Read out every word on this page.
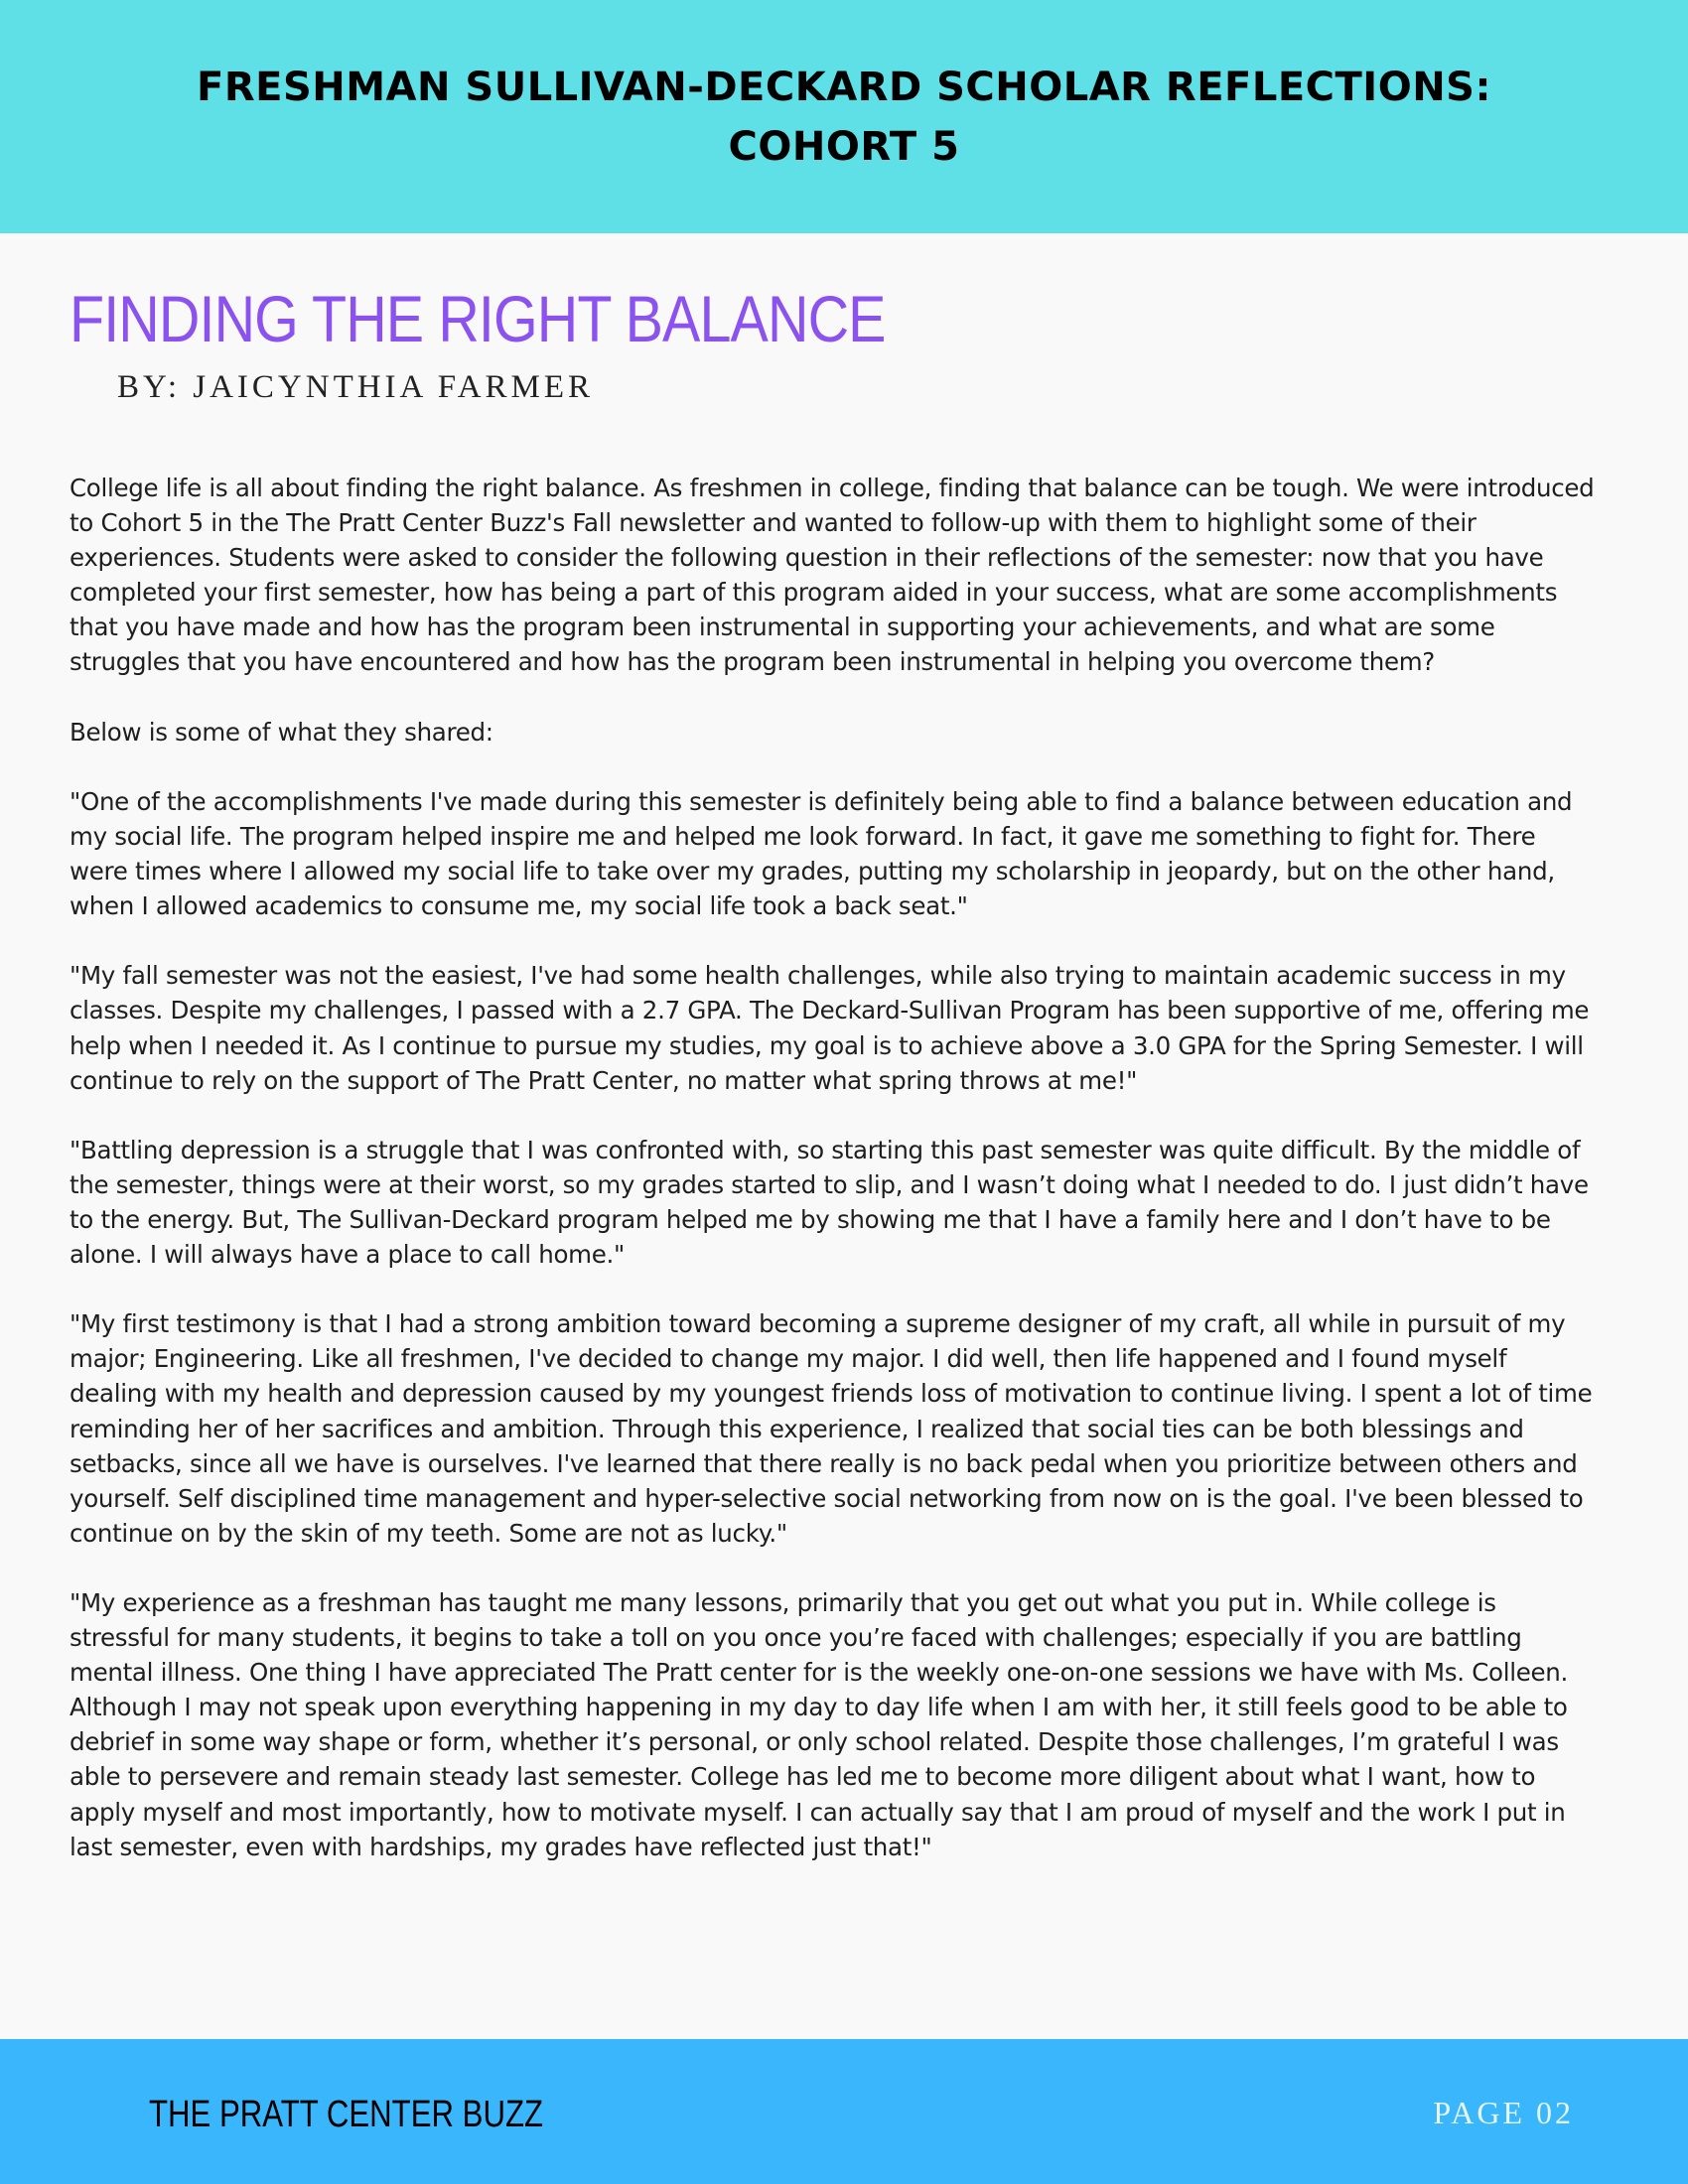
FRESHMAN SULLIVAN-DECKARD SCHOLAR REFLECTIONS:
COHORT 5
FINDING THE RIGHT BALANCE
BY: JAICYNTHIA FARMER

College life is all about finding the right balance. As freshmen in college, finding that balance can be tough. We were introduced to Cohort 5 in the The Pratt Center Buzz's Fall newsletter and wanted to follow-up with them to highlight some of their experiences. Students were asked to consider the following question in their reflections of the semester: now that you have completed your first semester, how has being a part of this program aided in your success, what are some accomplishments that you have made and how has the program been instrumental in supporting your achievements, and what are some struggles that you have encountered and how has the program been instrumental in helping you overcome them?

Below is some of what they shared:

"One of the accomplishments I've made during this semester is definitely being able to find a balance between education and my social life. The program helped inspire me and helped me look forward. In fact, it gave me something to fight for. There were times where I allowed my social life to take over my grades, putting my scholarship in jeopardy, but on the other hand, when I allowed academics to consume me, my social life took a back seat."

"My fall semester was not the easiest, I've had some health challenges, while also trying to maintain academic success in my classes. Despite my challenges, I passed with a 2.7 GPA. The Deckard-Sullivan Program has been supportive of me, offering me help when I needed it. As I continue to pursue my studies, my goal is to achieve above a 3.0 GPA for the Spring Semester. I will continue to rely on the support of The Pratt Center, no matter what spring throws at me!"

"Battling depression is a struggle that I was confronted with, so starting this past semester was quite difficult. By the middle of the semester, things were at their worst, so my grades started to slip, and I wasn’t doing what I needed to do. I just didn’t have to the energy. But, The Sullivan-Deckard program helped me by showing me that I have a family here and I don’t have to be alone. I will always have a place to call home."

"My first testimony is that I had a strong ambition toward becoming a supreme designer of my craft, all while in pursuit of my major; Engineering. Like all freshmen, I've decided to change my major. I did well, then life happened and I found myself dealing with my health and depression caused by my youngest friends loss of motivation to continue living. I spent a lot of time reminding her of her sacrifices and ambition. Through this experience, I realized that social ties can be both blessings and setbacks, since all we have is ourselves. I've learned that there really is no back pedal when you prioritize between others and yourself. Self disciplined time management and hyper-selective social networking from now on is the goal. I've been blessed to continue on by the skin of my teeth. Some are not as lucky."

"My experience as a freshman has taught me many lessons, primarily that you get out what you put in. While college is stressful for many students, it begins to take a toll on you once you’re faced with challenges; especially if you are battling mental illness. One thing I have appreciated The Pratt center for is the weekly one-on-one sessions we have with Ms. Colleen. Although I may not speak upon everything happening in my day to day life when I am with her, it still feels good to be able to debrief in some way shape or form, whether it’s personal, or only school related. Despite those challenges, I’m grateful I was able to persevere and remain steady last semester. College has led me to become more diligent about what I want, how to apply myself and most importantly, how to motivate myself. I can actually say that I am proud of myself and the work I put in last semester, even with hardships, my grades have reflected just that!"

THE PRATT CENTER BUZZ	PAGE 02
